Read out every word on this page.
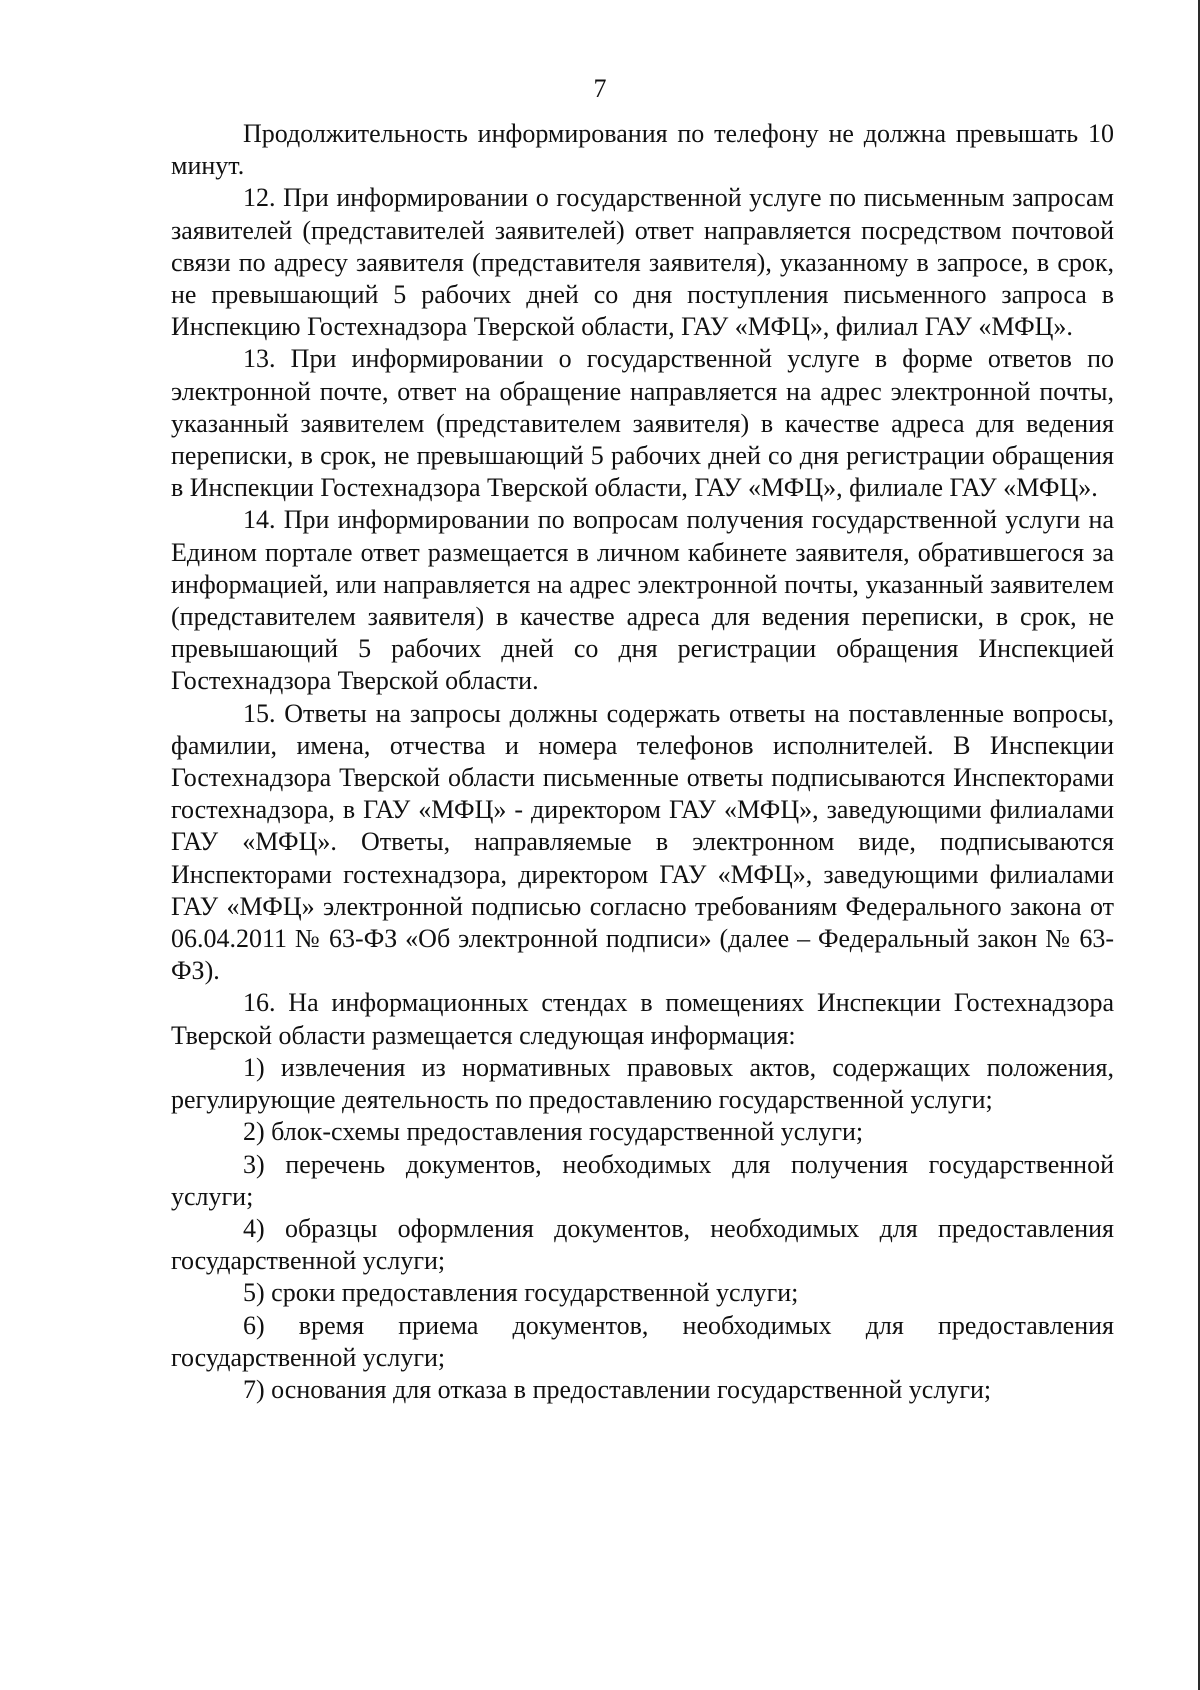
7

Продолжительность информирования по телефону не должна превышать 10 минут.

12. При информировании о государственной услуге по письменным запросам заявителей (представителей заявителей) ответ направляется посредством почтовой связи по адресу заявителя (представителя заявителя), указанному в запросе, в срок, не превышающий 5 рабочих дней со дня поступления письменного запроса в Инспекцию Гостехнадзора Тверской области, ГАУ «МФЦ», филиал ГАУ «МФЦ».

13. При информировании о государственной услуге в форме ответов по электронной почте, ответ на обращение направляется на адрес электронной почты, указанный заявителем (представителем заявителя) в качестве адреса для ведения переписки, в срок, не превышающий 5 рабочих дней со дня регистрации обращения в Инспекции Гостехнадзора Тверской области, ГАУ «МФЦ», филиале ГАУ «МФЦ».

14. При информировании по вопросам получения государственной услуги на Едином портале ответ размещается в личном кабинете заявителя, обратившегося за информацией, или направляется на адрес электронной почты, указанный заявителем (представителем заявителя) в качестве адреса для ведения переписки, в срок, не превышающий 5 рабочих дней со дня регистрации обращения Инспекцией Гостехнадзора Тверской области.

15. Ответы на запросы должны содержать ответы на поставленные вопросы, фамилии, имена, отчества и номера телефонов исполнителей. В Инспекции Гостехнадзора Тверской области письменные ответы подписываются Инспекторами гостехнадзора, в ГАУ «МФЦ» - директором ГАУ «МФЦ», заведующими филиалами ГАУ «МФЦ». Ответы, направляемые в электронном виде, подписываются Инспекторами гостехнадзора, директором ГАУ «МФЦ», заведующими филиалами ГАУ «МФЦ» электронной подписью согласно требованиям Федерального закона от 06.04.2011 № 63-ФЗ «Об электронной подписи» (далее – Федеральный закон № 63-ФЗ).

16. На информационных стендах в помещениях Инспекции Гостехнадзора Тверской области размещается следующая информация:

1) извлечения из нормативных правовых актов, содержащих положения, регулирующие деятельность по предоставлению государственной услуги;

2) блок-схемы предоставления государственной услуги;

3) перечень документов, необходимых для получения государственной услуги;

4) образцы оформления документов, необходимых для предоставления государственной услуги;

5) сроки предоставления государственной услуги;

6) время приема документов, необходимых для предоставления государственной услуги;

7) основания для отказа в предоставлении государственной услуги;
